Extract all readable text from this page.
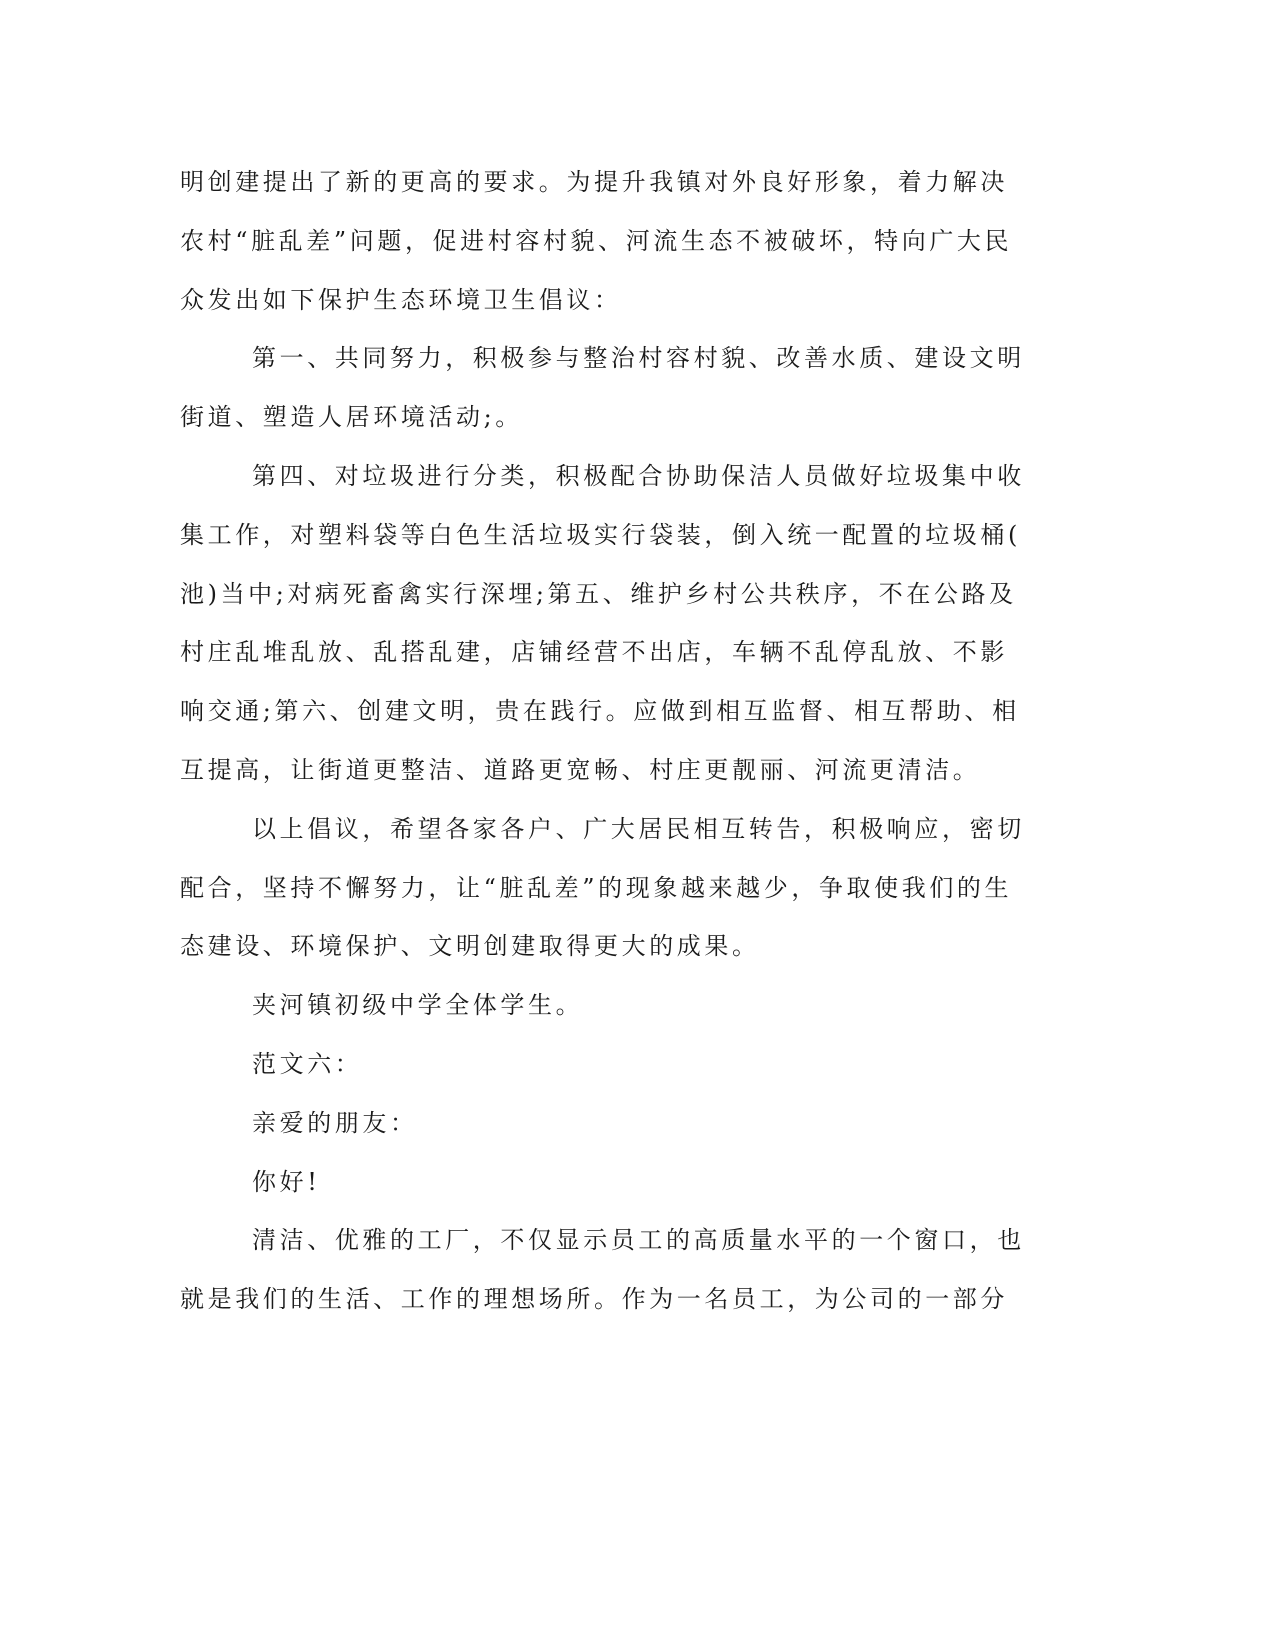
明创建提出了新的更高的要求。为提升我镇对外良好形象，着力解决
农村“脏乱差”问题，促进村容村貌、河流生态不被破坏，特向广大民
众发出如下保护生态环境卫生倡议：
第一、共同努力，积极参与整治村容村貌、改善水质、建设文明
街道、塑造人居环境活动;。
第四、对垃圾进行分类，积极配合协助保洁人员做好垃圾集中收
集工作，对塑料袋等白色生活垃圾实行袋装，倒入统一配置的垃圾桶(
池)当中;对病死畜禽实行深埋;第五、维护乡村公共秩序，不在公路及
村庄乱堆乱放、乱搭乱建，店铺经营不出店，车辆不乱停乱放、不影
响交通;第六、创建文明，贵在践行。应做到相互监督、相互帮助、相
互提高，让街道更整洁、道路更宽畅、村庄更靓丽、河流更清洁。
以上倡议，希望各家各户、广大居民相互转告，积极响应，密切
配合，坚持不懈努力，让“脏乱差”的现象越来越少，争取使我们的生
态建设、环境保护、文明创建取得更大的成果。
夹河镇初级中学全体学生。
范文六：
亲爱的朋友：
你好!
清洁、优雅的工厂，不仅显示员工的高质量水平的一个窗口，也
就是我们的生活、工作的理想场所。作为一名员工，为公司的一部分
